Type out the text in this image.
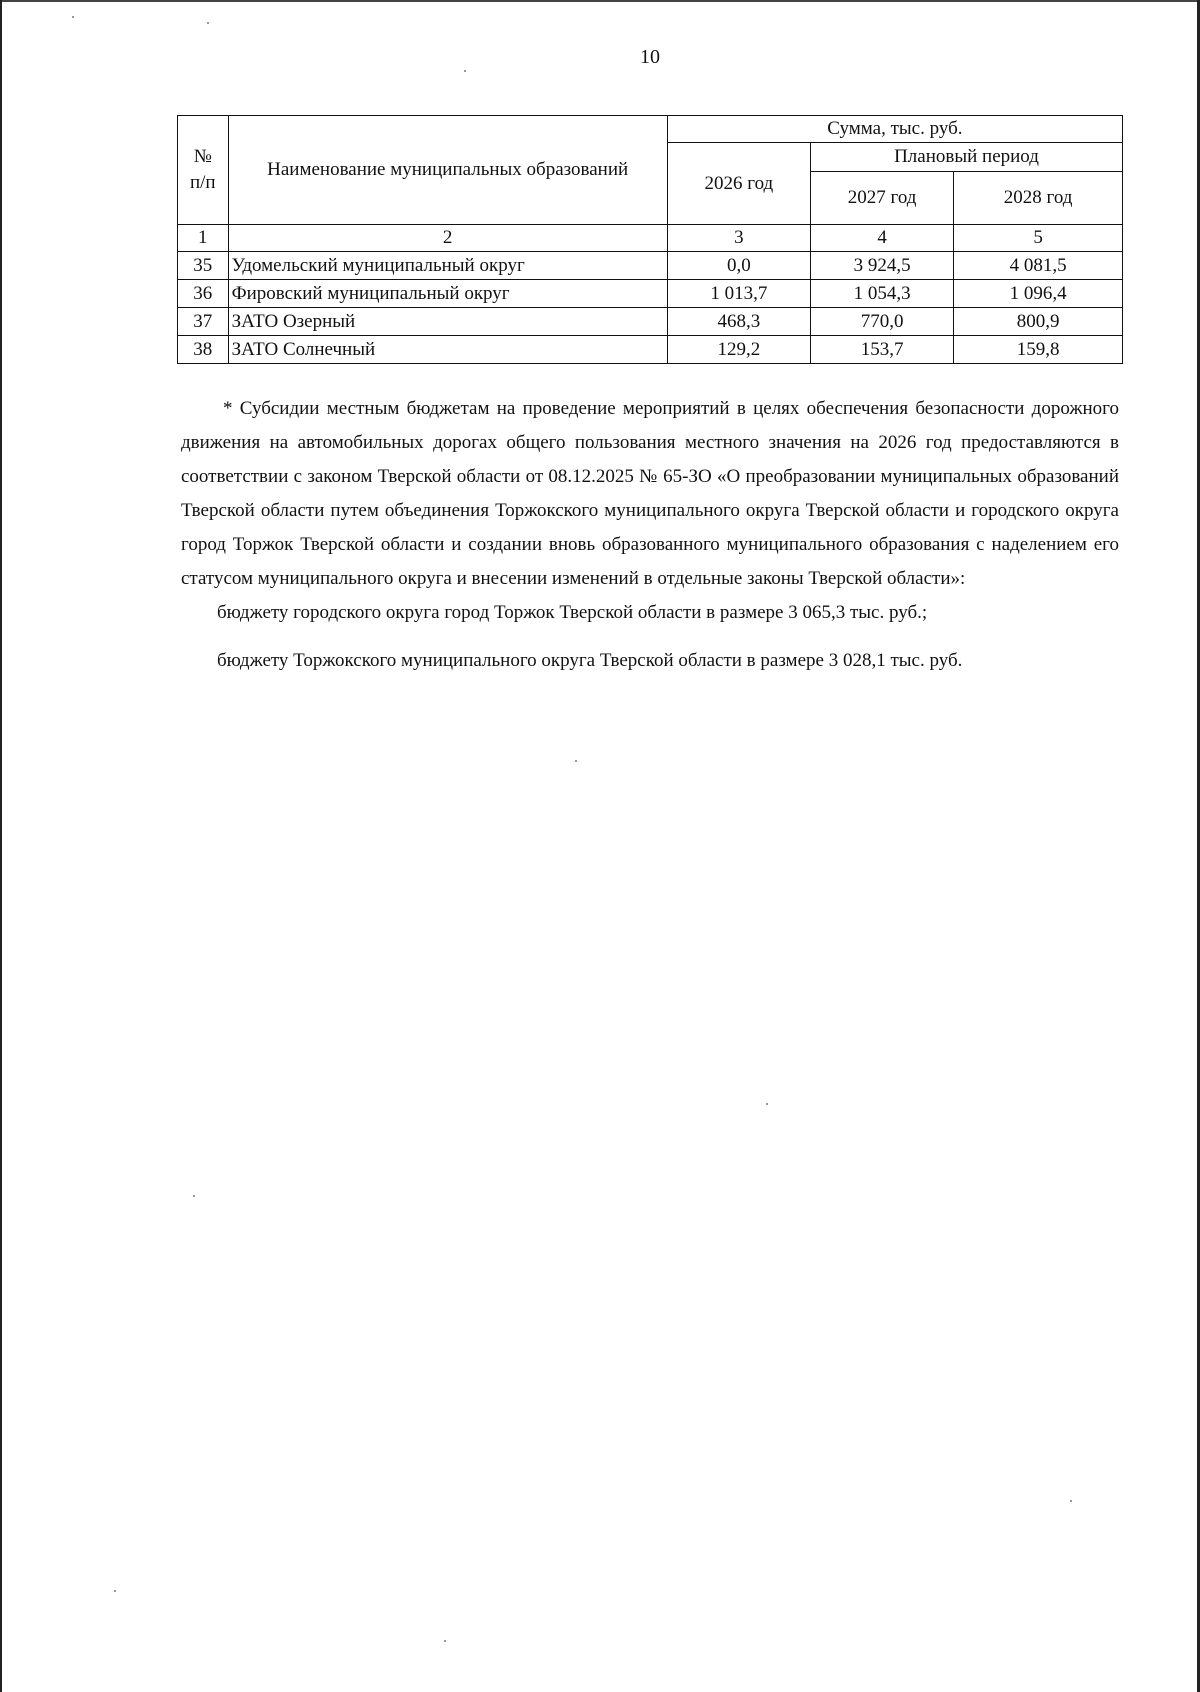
10
№
п/п	Наименование муниципальных образований	Сумма, тыс. руб.		
		2026 год	Плановый период	
			2027 год	2028 год
1	2	3	4	5
35	Удомельский муниципальный округ	0,0	3 924,5	4 081,5
36	Фировский муниципальный округ	1 013,7	1 054,3	1 096,4
37	ЗАТО Озерный	468,3	770,0	800,9
38	ЗАТО Солнечный	129,2	153,7	159,8

* Субсидии местным бюджетам на проведение мероприятий в целях обеспечения безопасности дорожного движения на автомобильных дорогах общего пользования местного значения на 2026 год предоставляются в соответствии с законом Тверской области от 08.12.2025 № 65-ЗО «О преобразовании муниципальных образований Тверской области путем объединения Торжокского муниципального округа Тверской области и городского округа город Торжок Тверской области и создании вновь образованного муниципального образования с наделением его статусом муниципального округа и внесении изменений в отдельные законы Тверской области»:

бюджету городского округа город Торжок Тверской области в размере 3 065,3 тыс. руб.;

бюджету Торжокского муниципального округа Тверской области в размере 3 028,1 тыс. руб.
